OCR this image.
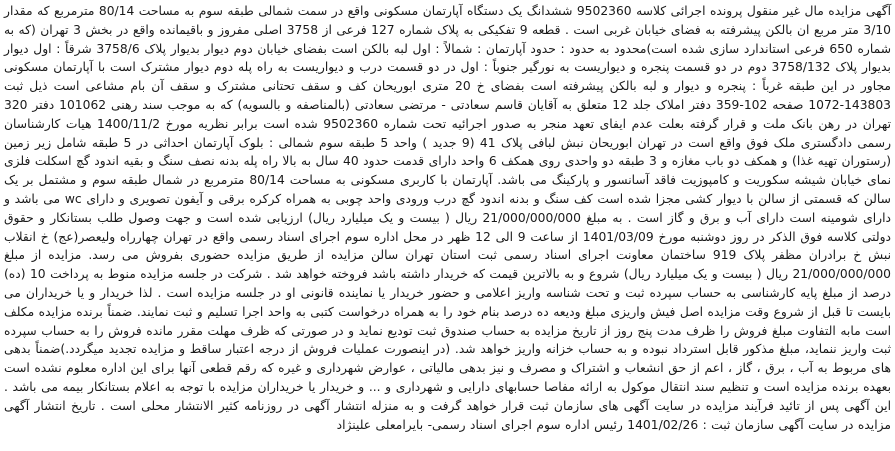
آگهی مزایده مال غیر منقول پرونده اجرائی کلاسه 9502360 ششدانگ یک دستگاه آپارتمان مسکونی واقع در سمت شمالی طبقه سوم به مساحت 80/14 مترمربع که مقدار 3/10 متر مربع ان بالکن پیشرفته به فضای خیابان غربی است . قطعه 9 تفکیکی به پلاک شماره 127 فرعی از 3758 اصلی مفروز و باقیمانده واقع در بخش 3 تهران (که به شماره 650 فرعی استاندارد سازی شده است)محدود به حدود : حدود آپارتمان : شمالاً : اول لبه بالکن است بفضای خیابان دوم دیوار بدیوار پلاک 3758/6 شرقاً : اول دیوار بدیوار پلاک 3758/132 دوم در دو قسمت پنجره و دیواریست به نورگیر جنوباً : اول در دو قسمت درب و دیواریست به راه پله دوم دیوار مشترک است با آپارتمان مسکونی مجاور در این طبقه غرباً : پنجره و دیوار و لبه بالکن پیشرفته است بفضای خ 20 متری ابوریحان کف و سقف تحتانی مشترک و سقف آن بام مشاعی است ذیل ثبت 143803-1072 صفحه 102-359 دفتر املاک جلد 12 متعلق به آقایان قاسم سعادتی - مرتضی سعادتی (بالمناصفه و بالسویه) که به موجب سند رهنی 101062 دفتر 320 تهران در رهن بانک ملت و قرار گرفته بعلت عدم ایفای تعهد منجر به صدور اجرائیه تحت شماره 9502360 شده است برابر نظریه مورخ 1400/11/2 هیات کارشناسان رسمی دادگستری ملک فوق واقع است در تهران ابوریحان نبش لبافی پلاک 41 (9 جدید ) واحد 5 طبقه سوم شمالی : بلوک آپارتمان احداثی در 5 طبقه شامل زیر زمین (رستوران تهیه غذا) و همکف دو باب مغازه و 3 طبقه دو واحدی روی همکف 6 واحد دارای قدمت حدود 40 سال به بالا راه پله بدنه نصف سنگ و بقیه اندود گچ اسکلت فلزی نمای خیابان شیشه سکوریت و کامپوزیت فاقد آسانسور و پارکینگ می باشد. آپارتمان با کاربری مسکونی به مساحت 80/14 مترمربع در شمال طبقه سوم و مشتمل بر یک سالن که قسمتی از سالن با دیوار کشی مجزا شده است کف سنگ و بدنه اندود گچ درب ورودی واحد چوبی به همراه کرکره برقی و آیفون تصویری و دارای wc می باشد و دارای شومینه است دارای آب و برق و گاز است . به مبلغ 21/000/000/000 ریال ( بیست و یک میلیارد ریال) ارزیابی شده است و جهت وصول طلب بستانکار و حقوق دولتی کلاسه فوق الذکر در روز دوشنبه مورخ 1401/03/09 از ساعت 9 الی 12 ظهر در محل اداره سوم اجرای اسناد رسمی واقع در تهران چهارراه ولیعصر(عج) خ انقلاب نبش خ برادران مظفر پلاک 919 ساختمان معاونت اجرای اسناد رسمی ثبت استان تهران سالن مزایده از طریق مزایده حضوری بفروش می رسد. مزایده از مبلغ 21/000/000/000 ریال ( بیست و یک میلیارد ریال) شروع و به بالاترین قیمت که خریدار داشته باشد فروخته خواهد شد . شرکت در جلسه مزایده منوط به پرداخت 10 (ده) درصد از مبلغ پایه کارشناسی به حساب سپرده ثبت و تحت شناسه واریز اعلامی و حضور خریدار یا نماینده قانونی او در جلسه مزایده است . لذا خریدار و یا خریداران می بایست تا قبل از شروع وقت مزایده اصل فیش واریزی مبلغ ودیعه ده درصد بنام خود را به همراه درخواست کتبی به واحد اجرا تسلیم و ثبت نمایند. ضمناً برنده مزایده مکلف است مابه التفاوت مبلغ فروش را ظرف مدت پنج روز از تاریخ مزایده به حساب صندوق ثبت تودیع نماید و در صورتی که ظرف مهلت مقرر مانده فروش را به حساب سپرده ثبت واریز ننماید، مبلغ مذکور قابل استرداد نبوده و به حساب خزانه واریز خواهد شد. (در اینصورت عملیات فروش از درجه اعتبار ساقط و مزایده تجدید میگردد.)ضمناً بدهی های مربوط به آب ، برق ، گاز ، اعم از حق انشعاب و اشتراک و مصرف و نیز بدهی مالیاتی ، عوارض شهرداری و غیره که رقم قطعی آنها برای این اداره معلوم نشده است بعهده برنده مزایده است و تنظیم سند انتقال موکول به ارائه مفاصا حسابهای دارایی و شهرداری و ... و خریدار یا خریداران مزایده با توجه به اعلام بستانکار بیمه می باشد . این آگهی پس از تائید فرآیند مزایده در سایت آگهی های سازمان ثبت قرار خواهد گرفت و به منزله انتشار آگهی در روزنامه کثیر الانتشار محلی است . تاریخ انتشار آگهی مزایده در سایت آگهی سازمان ثبت : 1401/02/26 رئیس اداره سوم اجرای اسناد رسمی- بایرامعلی علینژاد
